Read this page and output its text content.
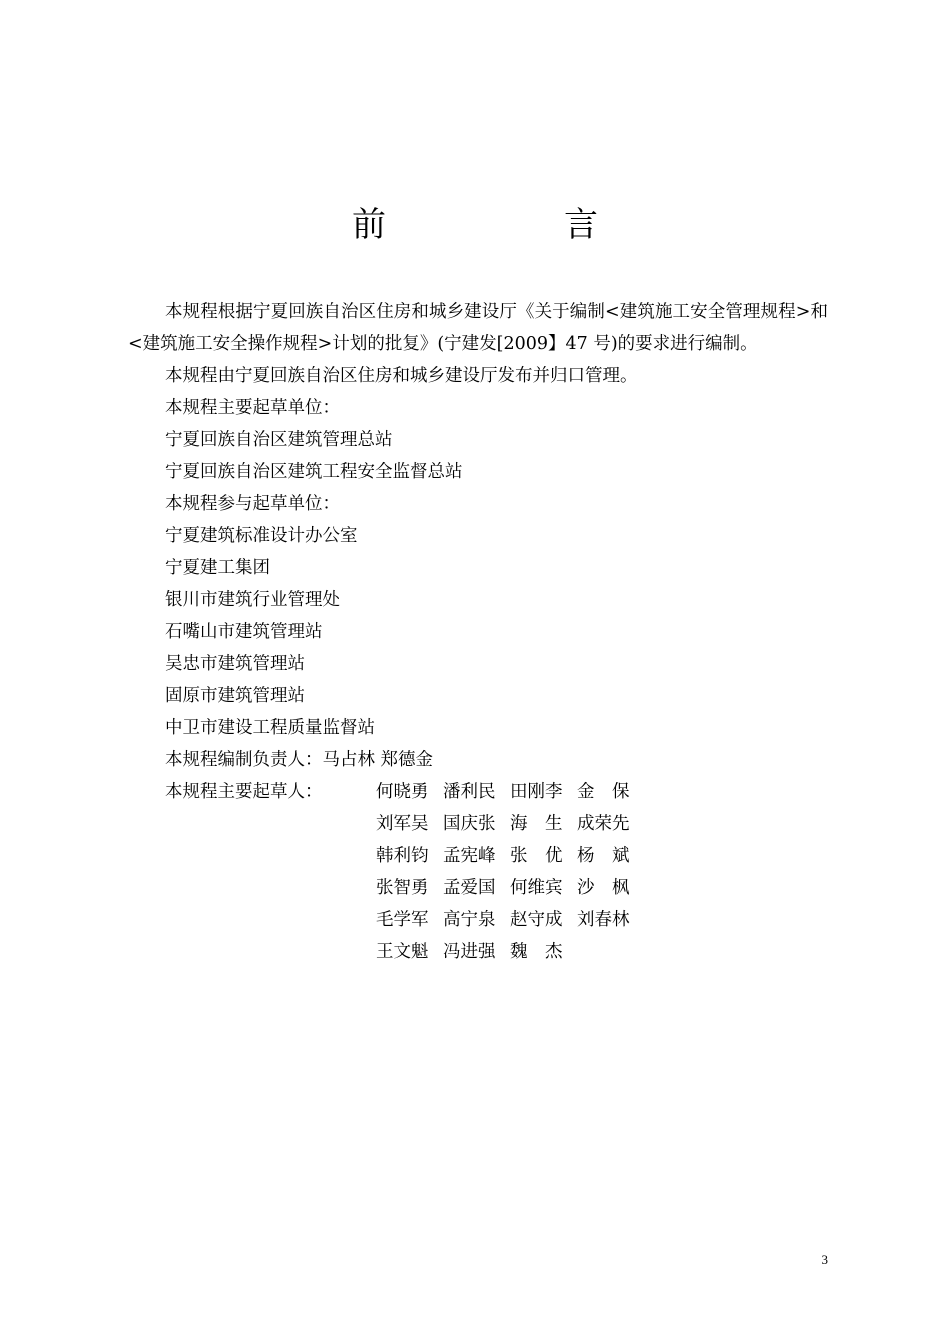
前　言

本规程根据宁夏回族自治区住房和城乡建设厅《关于编制<建筑施工安全管理规程>和<建筑施工安全操作规程>计划的批复》(宁建发[2009】47 号)的要求进行编制。

本规程由宁夏回族自治区住房和城乡建设厅发布并归口管理。

本规程主要起草单位：
宁夏回族自治区建筑管理总站
宁夏回族自治区建筑工程安全监督总站
本规程参与起草单位：
宁夏建筑标准设计办公室
宁夏建工集团
银川市建筑行业管理处
石嘴山市建筑管理站
吴忠市建筑管理站
固原市建筑管理站
中卫市建设工程质量监督站
本规程编制负责人：马占林 郑德金
本规程主要起草人：	何晓勇 潘利民 田刚李 金　保
刘军吴 国庆张 海　生 成荣先
韩利钧 孟宪峰 张　优 杨　斌
张智勇 孟爱国 何维宾 沙　枫
毛学军 高宁泉 赵守成 刘春林
王文魁 冯进强 魏　杰
3
